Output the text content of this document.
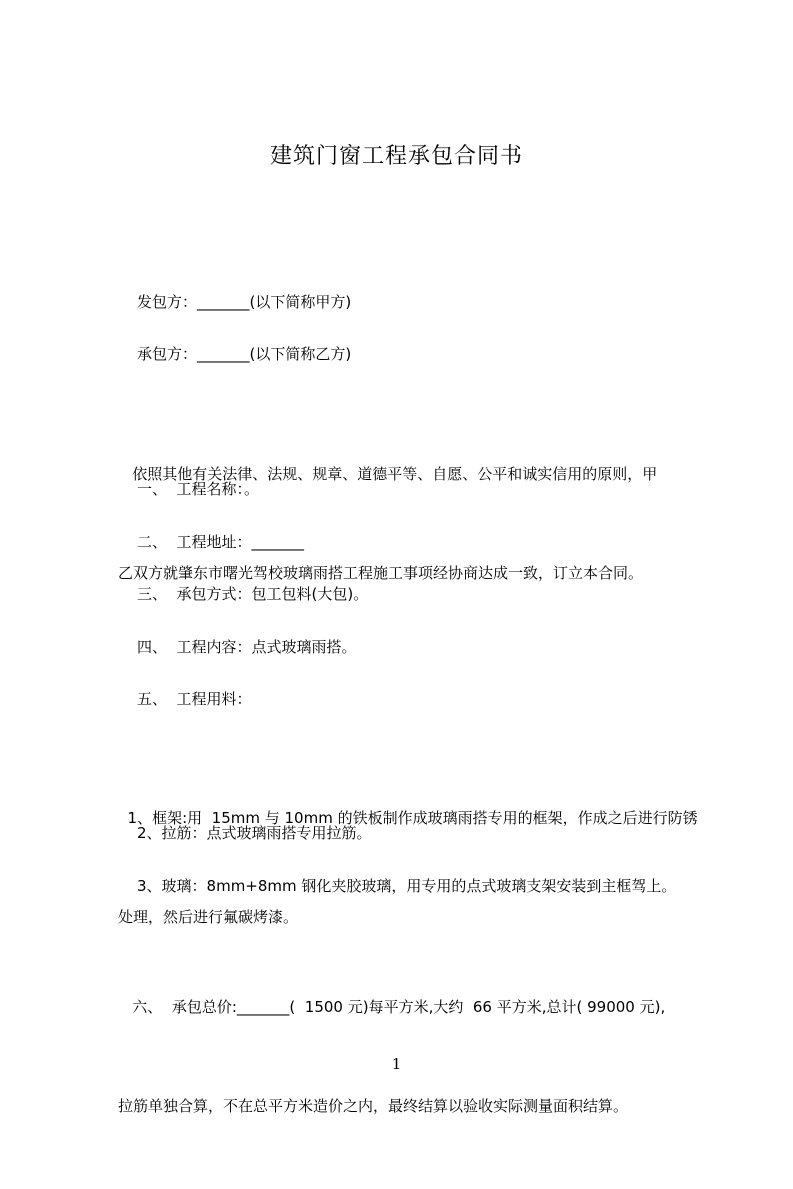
建筑门窗工程承包合同书
发包方：_______(以下简称甲方)
承包方：_______(以下简称乙方)

依照其他有关法律、法规、规章、道德平等、自愿、公平和诚实信用的原则，甲

乙双方就肇东市曙光驾校玻璃雨搭工程施工事项经协商达成一致，订立本合同。

一、  工程名称：。
二、  工程地址：_______
三、  承包方式：包工包料(大包)。
四、  工程内容：点式玻璃雨搭。
五、  工程用料：

1、框架:用  15mm 与 10mm 的铁板制作成玻璃雨搭专用的框架，作成之后进行防锈

处理，然后进行氟碳烤漆。

2、拉筋：点式玻璃雨搭专用拉筋。
3、玻璃：8mm+8mm 钢化夹胶玻璃，用专用的点式玻璃支架安装到主框驾上。

六、  承包总价:_______(  1500 元)每平方米,大约  66 平方米,总计( 99000 元),

拉筋单独合算，不在总平方米造价之内，最终结算以验收实际测量面积结算。

1
